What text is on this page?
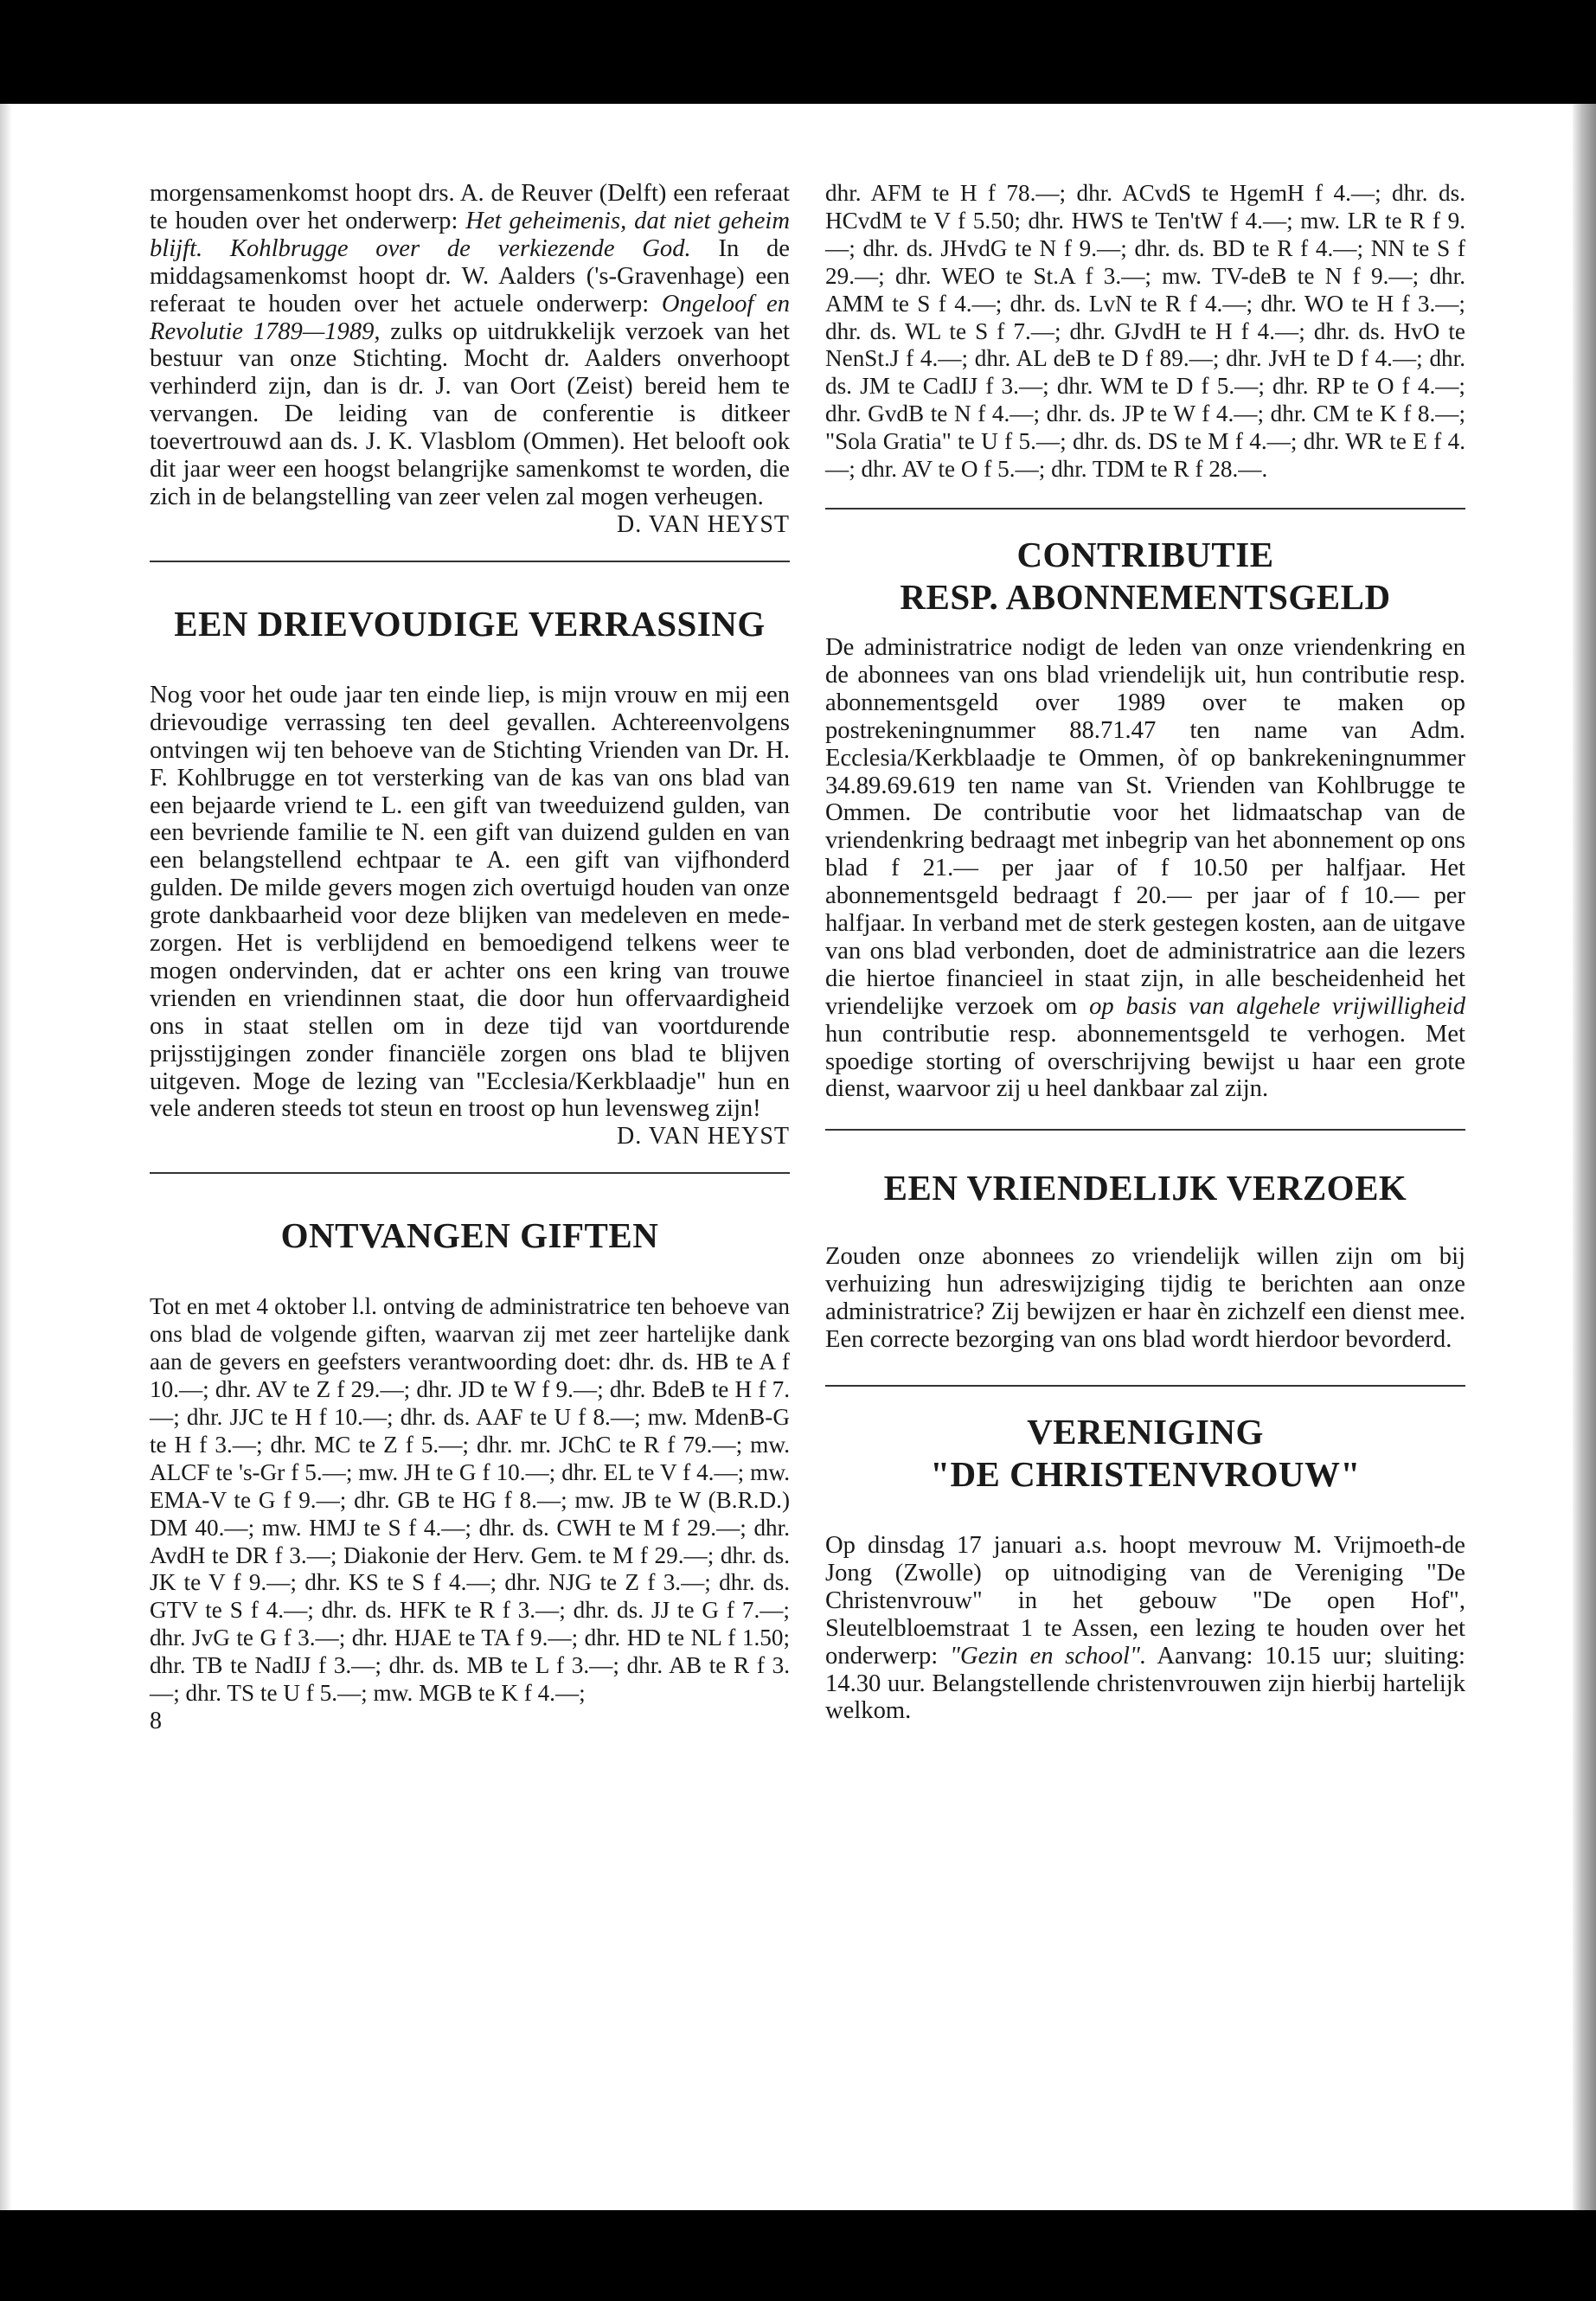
morgensamenkomst hoopt drs. A. de Reuver (Delft) een referaat te houden over het onderwerp: Het geheimenis, dat niet geheim blijft. Kohlbrugge over de verkiezende God. In de middagsamenkomst hoopt dr. W. Aalders ('s-Gravenhage) een referaat te houden over het actuele onderwerp: Ongeloof en Revolutie 1789—1989, zulks op uitdrukkelijk verzoek van het bestuur van onze Stichting. Mocht dr. Aalders onverhoopt verhinderd zijn, dan is dr. J. van Oort (Zeist) bereid hem te vervangen. De leiding van de conferentie is ditkeer toevertrouwd aan ds. J. K. Vlasblom (Ommen). Het belooft ook dit jaar weer een hoogst belangrijke samenkomst te worden, die zich in de belangstelling van zeer velen zal mogen verheugen.

D. VAN HEYST
EEN DRIEVOUDIGE VERRASSING

Nog voor het oude jaar ten einde liep, is mijn vrouw en mij een drievoudige verrassing ten deel gevallen. Achtereenvolgens ontvingen wij ten behoeve van de Stichting Vrienden van Dr. H. F. Kohlbrugge en tot versterking van de kas van ons blad van een bejaarde vriend te L. een gift van tweeduizend gulden, van een bevriende familie te N. een gift van duizend gulden en van een belangstellend echtpaar te A. een gift van vijfhonderd gulden. De milde gevers mogen zich overtuigd houden van onze grote dankbaarheid voor deze blijken van medeleven en mede-zorgen. Het is verblijdend en bemoedigend telkens weer te mogen ondervinden, dat er achter ons een kring van trouwe vrienden en vriendinnen staat, die door hun offervaardigheid ons in staat stellen om in deze tijd van voortdurende prijsstijgingen zonder financiële zorgen ons blad te blijven uitgeven. Moge de lezing van "Ecclesia/Kerkblaadje" hun en vele anderen steeds tot steun en troost op hun levensweg zijn!

D. VAN HEYST
ONTVANGEN GIFTEN

Tot en met 4 oktober l.l. ontving de administratrice ten behoeve van ons blad de volgende giften, waarvan zij met zeer hartelijke dank aan de gevers en geefsters verantwoording doet: dhr. ds. HB te A f 10.—; dhr. AV te Z f 29.—; dhr. JD te W f 9.—; dhr. BdeB te H f 7.—; dhr. JJC te H f 10.—; dhr. ds. AAF te U f 8.—; mw. MdenB-G te H f 3.—; dhr. MC te Z f 5.—; dhr. mr. JChC te R f 79.—; mw. ALCF te 's-Gr f 5.—; mw. JH te G f 10.—; dhr. EL te V f 4.—; mw. EMA-V te G f 9.—; dhr. GB te HG f 8.—; mw. JB te W (B.R.D.) DM 40.—; mw. HMJ te S f 4.—; dhr. ds. CWH te M f 29.—; dhr. AvdH te DR f 3.—; Diakonie der Herv. Gem. te M f 29.—; dhr. ds. JK te V f 9.—; dhr. KS te S f 4.—; dhr. NJG te Z f 3.—; dhr. ds. GTV te S f 4.—; dhr. ds. HFK te R f 3.—; dhr. ds. JJ te G f 7.—; dhr. JvG te G f 3.—; dhr. HJAE te TA f 9.—; dhr. HD te NL f 1.50; dhr. TB te NadIJ f 3.—; dhr. ds. MB te L f 3.—; dhr. AB te R f 3.—; dhr. TS te U f 5.—; mw. MGB te K f 4.—;

8

dhr. AFM te H f 78.—; dhr. ACvdS te HgemH f 4.—; dhr. ds. HCvdM te V f 5.50; dhr. HWS te Ten'tW f 4.—; mw. LR te R f 9.—; dhr. ds. JHvdG te N f 9.—; dhr. ds. BD te R f 4.—; NN te S f 29.—; dhr. WEO te St.A f 3.—; mw. TV-deB te N f 9.—; dhr. AMM te S f 4.—; dhr. ds. LvN te R f 4.—; dhr. WO te H f 3.—; dhr. ds. WL te S f 7.—; dhr. GJvdH te H f 4.—; dhr. ds. HvO te NenSt.J f 4.—; dhr. AL deB te D f 89.—; dhr. JvH te D f 4.—; dhr. ds. JM te CadIJ f 3.—; dhr. WM te D f 5.—; dhr. RP te O f 4.—; dhr. GvdB te N f 4.—; dhr. ds. JP te W f 4.—; dhr. CM te K f 8.—; "Sola Gratia" te U f 5.—; dhr. ds. DS te M f 4.—; dhr. WR te E f 4.—; dhr. AV te O f 5.—; dhr. TDM te R f 28.—.

CONTRIBUTIE
RESP. ABONNEMENTSGELD

De administratrice nodigt de leden van onze vriendenkring en de abonnees van ons blad vriendelijk uit, hun contributie resp. abonnementsgeld over 1989 over te maken op postrekeningnummer 88.71.47 ten name van Adm. Ecclesia/Kerkblaadje te Ommen, òf op bankrekeningnummer 34.89.69.619 ten name van St. Vrienden van Kohlbrugge te Ommen. De contributie voor het lidmaatschap van de vriendenkring bedraagt met inbegrip van het abonnement op ons blad f 21.— per jaar of f 10.50 per halfjaar. Het abonnementsgeld bedraagt f 20.— per jaar of f 10.— per halfjaar. In verband met de sterk gestegen kosten, aan de uitgave van ons blad verbonden, doet de administratrice aan die lezers die hiertoe financieel in staat zijn, in alle bescheidenheid het vriendelijke verzoek om op basis van algehele vrijwilligheid hun contributie resp. abonnementsgeld te verhogen. Met spoedige storting of overschrijving bewijst u haar een grote dienst, waarvoor zij u heel dankbaar zal zijn.

EEN VRIENDELIJK VERZOEK

Zouden onze abonnees zo vriendelijk willen zijn om bij verhuizing hun adreswijziging tijdig te berichten aan onze administratrice? Zij bewijzen er haar èn zichzelf een dienst mee. Een correcte bezorging van ons blad wordt hierdoor bevorderd.

VERENIGING
"DE CHRISTENVROUW"

Op dinsdag 17 januari a.s. hoopt mevrouw M. Vrijmoeth-de Jong (Zwolle) op uitnodiging van de Vereniging "De Christenvrouw" in het gebouw "De open Hof", Sleutelbloemstraat 1 te Assen, een lezing te houden over het onderwerp: "Gezin en school". Aanvang: 10.15 uur; sluiting: 14.30 uur. Belangstellende christenvrouwen zijn hierbij hartelijk welkom.
